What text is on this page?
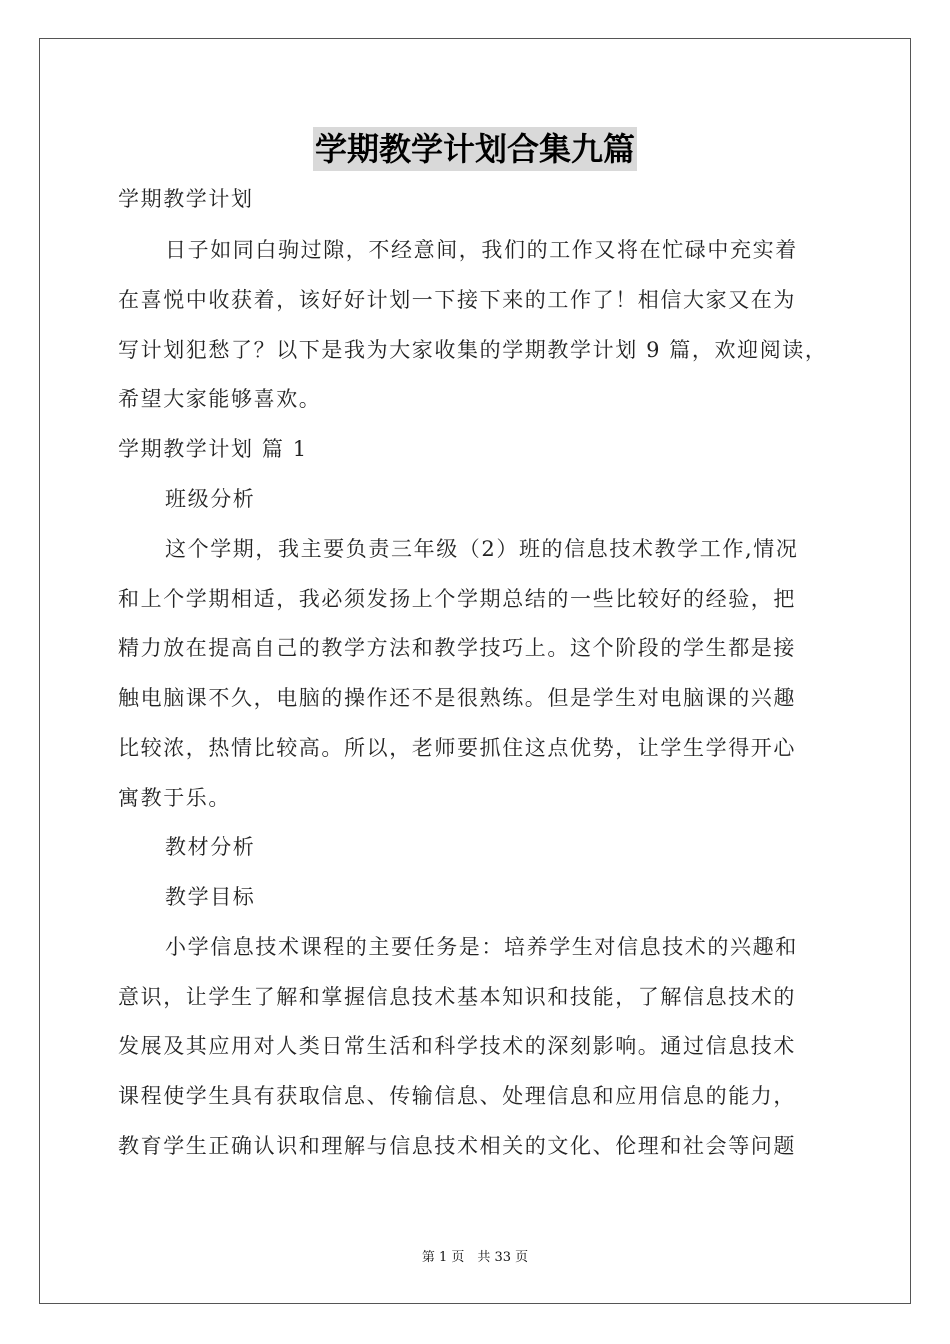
学期教学计划合集九篇
学期教学计划
日子如同白驹过隙，不经意间，我们的工作又将在忙碌中充实着
在喜悦中收获着，该好好计划一下接下来的工作了！相信大家又在为
写计划犯愁了？以下是我为大家收集的学期教学计划 9 篇，欢迎阅读，
希望大家能够喜欢。
学期教学计划 篇 1
班级分析
这个学期，我主要负责三年级（2）班的信息技术教学工作,情况
和上个学期相适，我必须发扬上个学期总结的一些比较好的经验，把
精力放在提高自己的教学方法和教学技巧上。这个阶段的学生都是接
触电脑课不久，电脑的操作还不是很熟练。但是学生对电脑课的兴趣
比较浓，热情比较高。所以，老师要抓住这点优势，让学生学得开心
寓教于乐。
教材分析
教学目标
小学信息技术课程的主要任务是：培养学生对信息技术的兴趣和
意识，让学生了解和掌握信息技术基本知识和技能，了解信息技术的
发展及其应用对人类日常生活和科学技术的深刻影响。通过信息技术
课程使学生具有获取信息、传输信息、处理信息和应用信息的能力，
教育学生正确认识和理解与信息技术相关的文化、伦理和社会等问题
第 1 页　共 33 页
